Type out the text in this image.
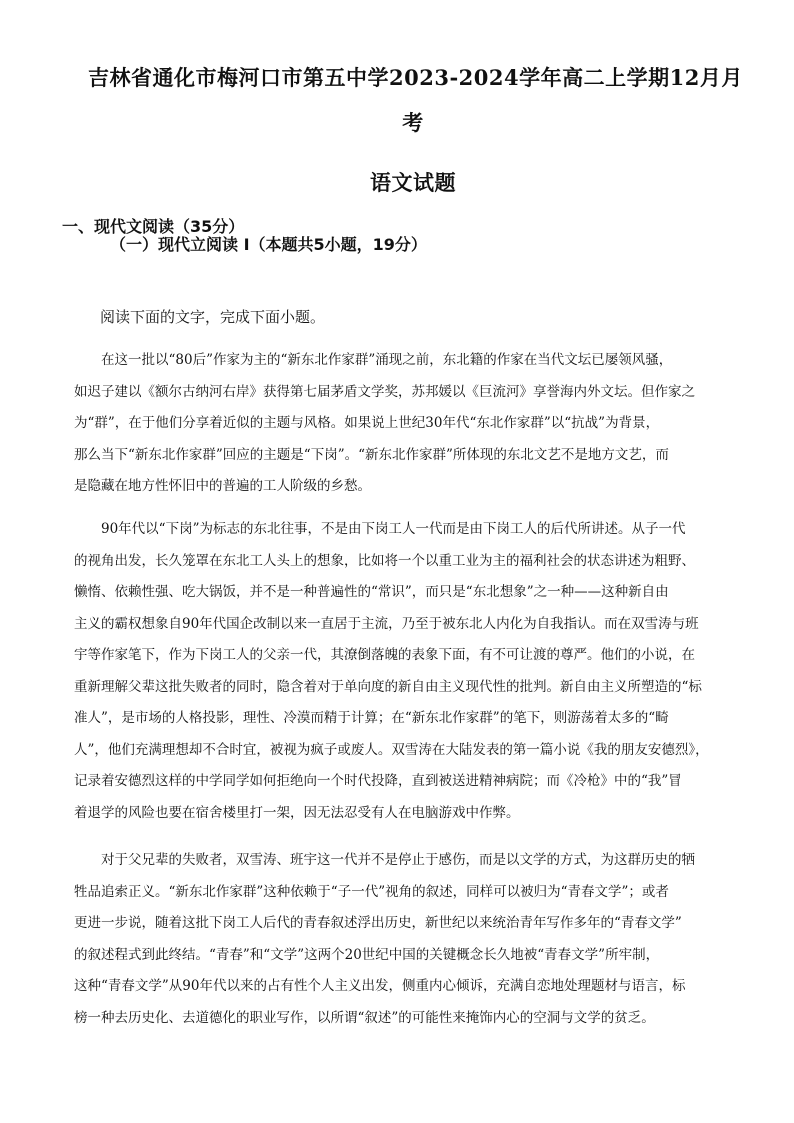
吉林省通化市梅河口市第五中学2023-2024学年高二上学期12月月
考
语文试题
一、现代文阅读（35分）
（一）现代立阅读 I（本题共5小题，19分）
阅读下面的文字，完成下面小题。
在这一批以“80后”作家为主的“新东北作家群”涌现之前，东北籍的作家在当代文坛已屡领风骚，
如迟子建以《额尔古纳河右岸》获得第七届茅盾文学奖，苏邦媛以《巨流河》享誉海内外文坛。但作家之
为“群”，在于他们分享着近似的主题与风格。如果说上世纪30年代“东北作家群”以“抗战”为背景，
那么当下“新东北作家群”回应的主题是“下岗”。“新东北作家群”所体现的东北文艺不是地方文艺，而
是隐藏在地方性怀旧中的普遍的工人阶级的乡愁。
90年代以“下岗”为标志的东北往事，不是由下岗工人一代而是由下岗工人的后代所讲述。从子一代
的视角出发，长久笼罩在东北工人头上的想象，比如将一个以重工业为主的福利社会的状态讲述为粗野、
懒惰、依赖性强、吃大锅饭，并不是一种普遍性的“常识”，而只是“东北想象”之一种——这种新自由
主义的霸权想象自90年代国企改制以来一直居于主流，乃至于被东北人内化为自我指认。而在双雪涛与班
宇等作家笔下，作为下岗工人的父亲一代，其潦倒落魄的表象下面，有不可让渡的尊严。他们的小说，在
重新理解父辈这批失败者的同时，隐含着对于单向度的新自由主义现代性的批判。新自由主义所塑造的“标
准人”，是市场的人格投影，理性、冷漠而精于计算；在“新东北作家群”的笔下，则游荡着太多的“畸
人”，他们充满理想却不合时宜，被视为疯子或废人。双雪涛在大陆发表的第一篇小说《我的朋友安德烈》，
记录着安德烈这样的中学同学如何拒绝向一个时代投降，直到被送进精神病院；而《冷枪》中的“我”冒
着退学的风险也要在宿舍楼里打一架，因无法忍受有人在电脑游戏中作弊。
对于父兄辈的失败者，双雪涛、班宇这一代并不是停止于感伤，而是以文学的方式，为这群历史的牺
牲品追索正义。“新东北作家群”这种依赖于“子一代”视角的叙述，同样可以被归为“青春文学”；或者
更进一步说，随着这批下岗工人后代的青春叙述浮出历史，新世纪以来统治青年写作多年的“青春文学”
的叙述程式到此终结。“青春”和“文学”这两个20世纪中国的关键概念长久地被“青春文学”所牢制，
这种“青春文学”从90年代以来的占有性个人主义出发，侧重内心倾诉，充满自恋地处理题材与语言，标
榜一种去历史化、去道德化的职业写作，以所谓“叙述”的可能性来掩饰内心的空洞与文学的贫乏。
